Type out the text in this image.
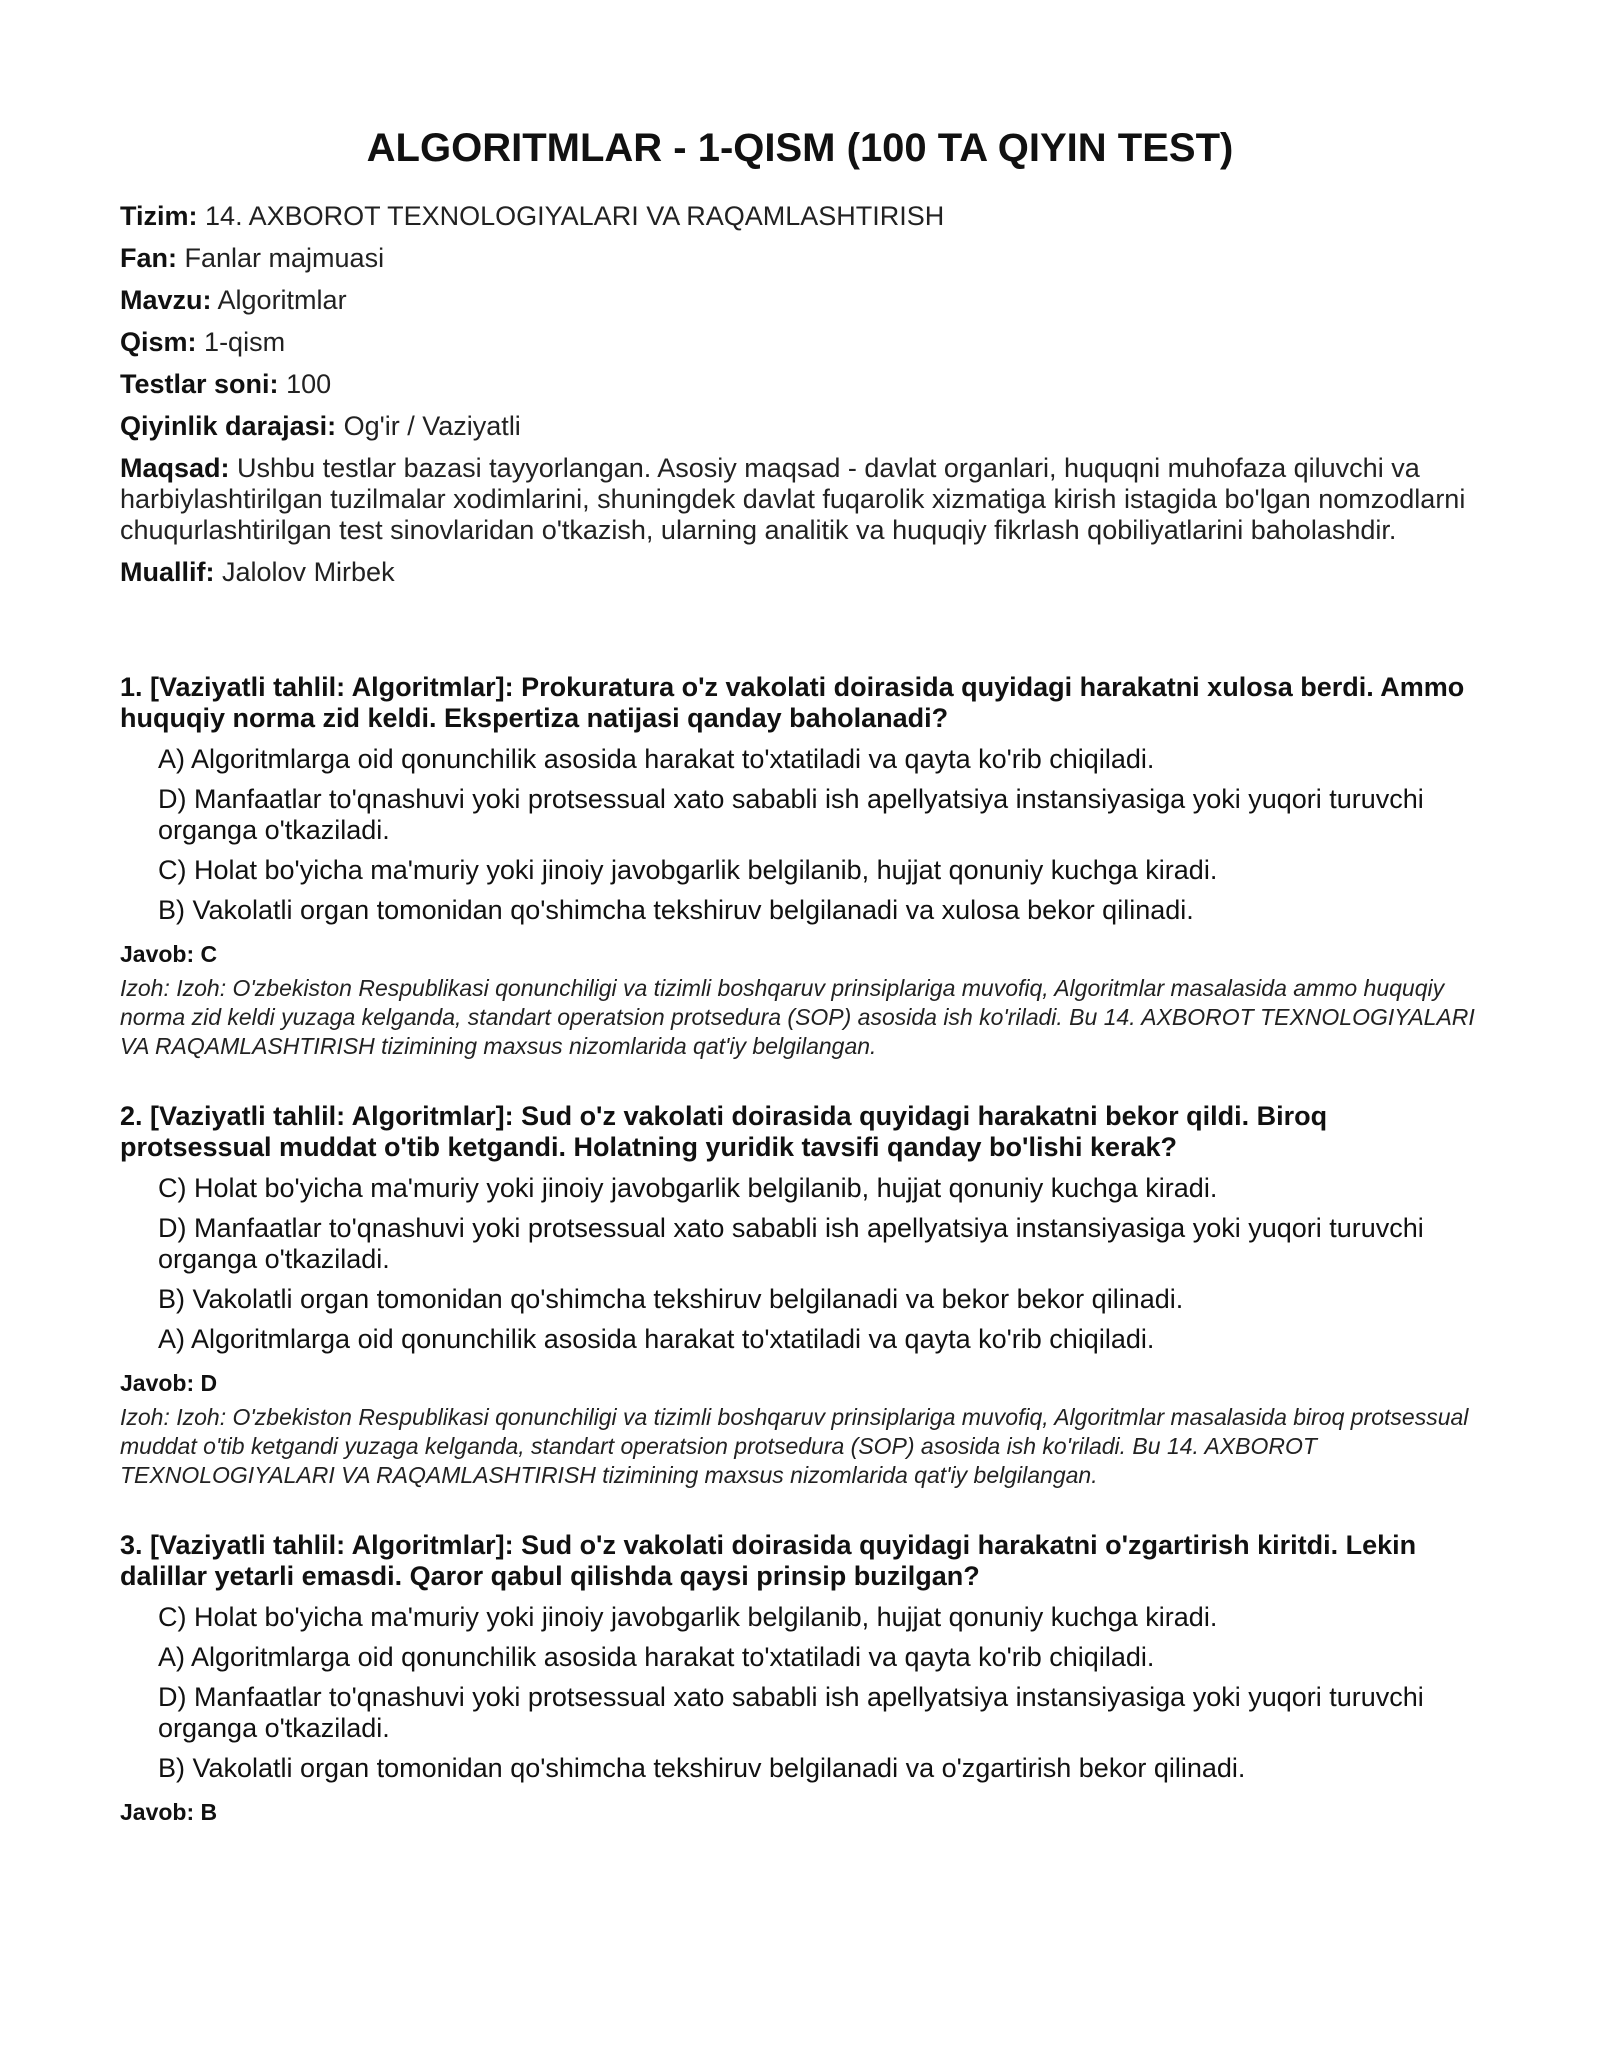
ALGORITMLAR - 1-QISM (100 TA QIYIN TEST)
Tizim: 14. AXBOROT TEXNOLOGIYALARI VA RAQAMLASHTIRISH
Fan: Fanlar majmuasi
Mavzu: Algoritmlar
Qism: 1-qism
Testlar soni: 100
Qiyinlik darajasi: Og'ir / Vaziyatli
Maqsad: Ushbu testlar bazasi tayyorlangan. Asosiy maqsad - davlat organlari, huquqni muhofaza qiluvchi va harbiylashtirilgan tuzilmalar xodimlarini, shuningdek davlat fuqarolik xizmatiga kirish istagida bo'lgan nomzodlarni chuqurlashtirilgan test sinovlaridan o'tkazish, ularning analitik va huquqiy fikrlash qobiliyatlarini baholashdir.
Muallif: Jalolov Mirbek
1. [Vaziyatli tahlil: Algoritmlar]: Prokuratura o'z vakolati doirasida quyidagi harakatni xulosa berdi. Ammo huquqiy norma zid keldi. Ekspertiza natijasi qanday baholanadi?
A) Algoritmlarga oid qonunchilik asosida harakat to'xtatiladi va qayta ko'rib chiqiladi.
D) Manfaatlar to'qnashuvi yoki protsessual xato sababli ish apellyatsiya instansiyasiga yoki yuqori turuvchi organga o'tkaziladi.
C) Holat bo'yicha ma'muriy yoki jinoiy javobgarlik belgilanib, hujjat qonuniy kuchga kiradi.
B) Vakolatli organ tomonidan qo'shimcha tekshiruv belgilanadi va xulosa bekor qilinadi.
Javob: C
Izoh: Izoh: O'zbekiston Respublikasi qonunchiligi va tizimli boshqaruv prinsiplariga muvofiq, Algoritmlar masalasida ammo huquqiy norma zid keldi yuzaga kelganda, standart operatsion protsedura (SOP) asosida ish ko'riladi. Bu 14. AXBOROT TEXNOLOGIYALARI VA RAQAMLASHTIRISH tizimining maxsus nizomlarida qat'iy belgilangan.
2. [Vaziyatli tahlil: Algoritmlar]: Sud o'z vakolati doirasida quyidagi harakatni bekor qildi. Biroq protsessual muddat o'tib ketgandi. Holatning yuridik tavsifi qanday bo'lishi kerak?
C) Holat bo'yicha ma'muriy yoki jinoiy javobgarlik belgilanib, hujjat qonuniy kuchga kiradi.
D) Manfaatlar to'qnashuvi yoki protsessual xato sababli ish apellyatsiya instansiyasiga yoki yuqori turuvchi organga o'tkaziladi.
B) Vakolatli organ tomonidan qo'shimcha tekshiruv belgilanadi va bekor bekor qilinadi.
A) Algoritmlarga oid qonunchilik asosida harakat to'xtatiladi va qayta ko'rib chiqiladi.
Javob: D
Izoh: Izoh: O'zbekiston Respublikasi qonunchiligi va tizimli boshqaruv prinsiplariga muvofiq, Algoritmlar masalasida biroq protsessual muddat o'tib ketgandi yuzaga kelganda, standart operatsion protsedura (SOP) asosida ish ko'riladi. Bu 14. AXBOROT TEXNOLOGIYALARI VA RAQAMLASHTIRISH tizimining maxsus nizomlarida qat'iy belgilangan.
3. [Vaziyatli tahlil: Algoritmlar]: Sud o'z vakolati doirasida quyidagi harakatni o'zgartirish kiritdi. Lekin dalillar yetarli emasdi. Qaror qabul qilishda qaysi prinsip buzilgan?
C) Holat bo'yicha ma'muriy yoki jinoiy javobgarlik belgilanib, hujjat qonuniy kuchga kiradi.
A) Algoritmlarga oid qonunchilik asosida harakat to'xtatiladi va qayta ko'rib chiqiladi.
D) Manfaatlar to'qnashuvi yoki protsessual xato sababli ish apellyatsiya instansiyasiga yoki yuqori turuvchi organga o'tkaziladi.
B) Vakolatli organ tomonidan qo'shimcha tekshiruv belgilanadi va o'zgartirish bekor qilinadi.
Javob: B
